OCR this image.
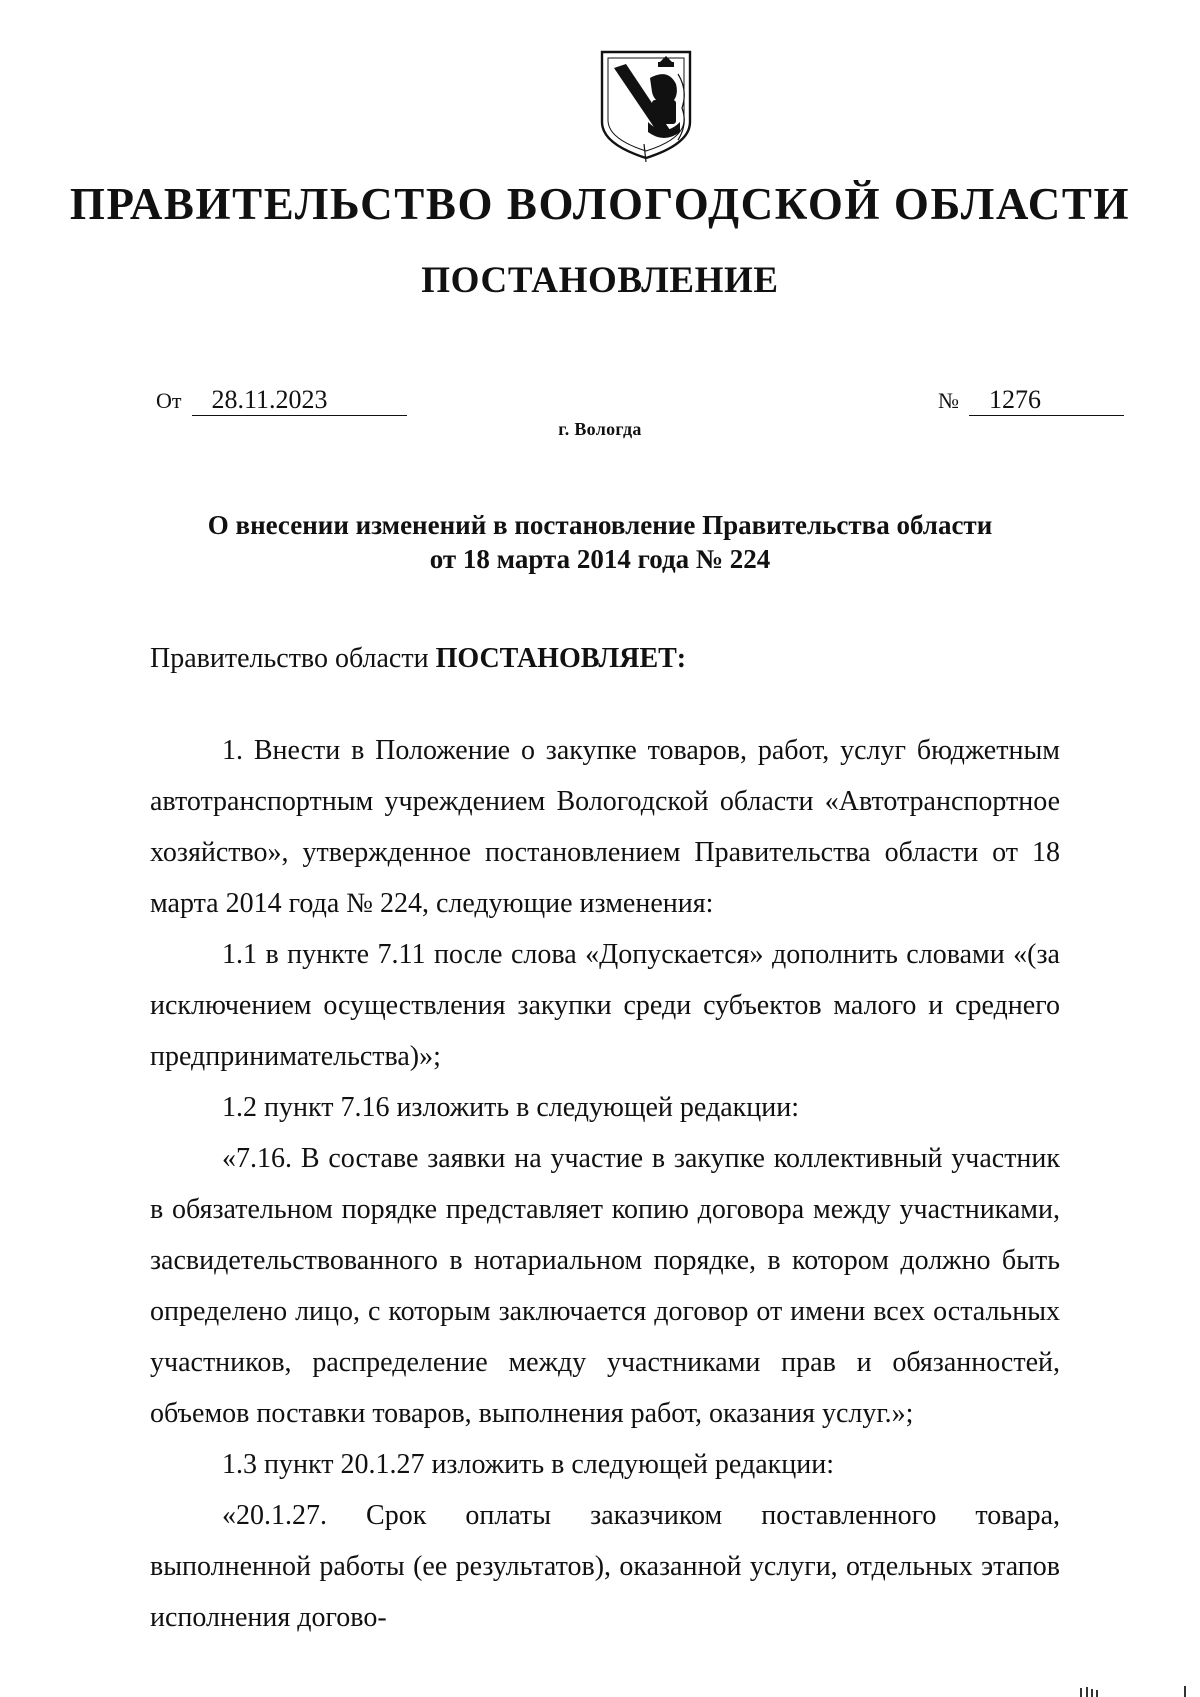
ПРАВИТЕЛЬСТВО ВОЛОГОДСКОЙ ОБЛАСТИ
ПОСТАНОВЛЕНИЕ
От 28.11.2023	№ 1276
г. Вологда
О внесении изменений в постановление Правительства области
от 18 марта 2014 года № 224
Правительство области ПОСТАНОВЛЯЕТ:

1. Внести в Положение о закупке товаров, работ, услуг бюджетным автотранспортным учреждением Вологодской области «Автотранспортное хозяйство», утвержденное постановлением Правительства области от 18 марта 2014 года № 224, следующие изменения:

1.1 в пункте 7.11 после слова «Допускается» дополнить словами «(за исключением осуществления закупки среди субъектов малого и среднего предпринимательства)»;

1.2 пункт 7.16 изложить в следующей редакции:

«7.16. В составе заявки на участие в закупке коллективный участник в обязательном порядке представляет копию договора между участниками, засвидетельствованного в нотариальном порядке, в котором должно быть определено лицо, с которым заключается договор от имени всех остальных участников, распределение между участниками прав и обязанностей, объемов поставки товаров, выполнения работ, оказания услуг.»;

1.3 пункт 20.1.27 изложить в следующей редакции:

«20.1.27. Срок оплаты заказчиком поставленного товара, выполненной работы (ее результатов), оказанной услуги, отдельных этапов исполнения догово-
